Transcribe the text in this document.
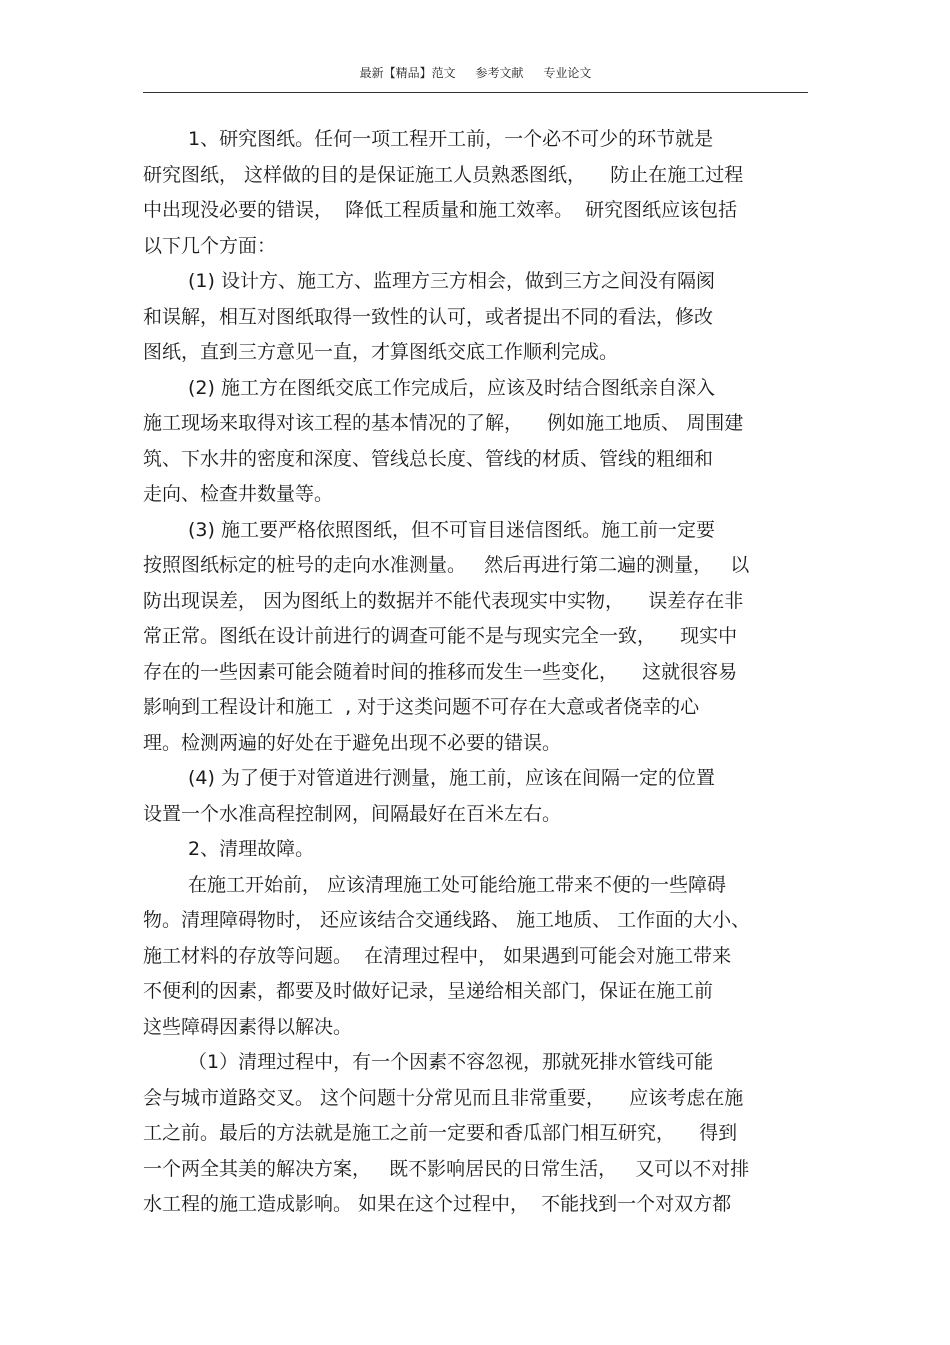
最新【精品】范文 参考文献 专业论文
1、研究图纸。任何一项工程开工前，一个必不可少的环节就是
研究图纸， 这样做的目的是保证施工人员熟悉图纸，    防止在施工过程
中出现没必要的错误，  降低工程质量和施工效率。  研究图纸应该包括
以下几个方面：
(1) 设计方、施工方、监理方三方相会，做到三方之间没有隔阂
和误解，相互对图纸取得一致性的认可，或者提出不同的看法，修改
图纸，直到三方意见一直，才算图纸交底工作顺利完成。
(2) 施工方在图纸交底工作完成后，应该及时结合图纸亲自深入
施工现场来取得对该工程的基本情况的了解，    例如施工地质、 周围建
筑、下水井的密度和深度、管线总长度、管线的材质、管线的粗细和
走向、检查井数量等。
(3) 施工要严格依照图纸，但不可盲目迷信图纸。施工前一定要
按照图纸标定的桩号的走向水准测量。   然后再进行第二遍的测量，   以
防出现误差， 因为图纸上的数据并不能代表现实中实物，    误差存在非
常正常。图纸在设计前进行的调查可能不是与现实完全一致，    现实中
存在的一些因素可能会随着时间的推移而发生一些变化，    这就很容易
影响到工程设计和施工  , 对于这类问题不可存在大意或者侥幸的心
理。检测两遍的好处在于避免出现不必要的错误。
(4) 为了便于对管道进行测量，施工前，应该在间隔一定的位置
设置一个水准高程控制网，间隔最好在百米左右。
2、清理故障。
在施工开始前， 应该清理施工处可能给施工带来不便的一些障碍
物。清理障碍物时， 还应该结合交通线路、 施工地质、 工作面的大小、
施工材料的存放等问题。  在清理过程中， 如果遇到可能会对施工带来
不便利的因素，都要及时做好记录，呈递给相关部门，保证在施工前
这些障碍因素得以解决。
（1）清理过程中，有一个因素不容忽视，那就死排水管线可能
会与城市道路交叉。 这个问题十分常见而且非常重要，    应该考虑在施
工之前。最后的方法就是施工之前一定要和香瓜部门相互研究，    得到
一个两全其美的解决方案，   既不影响居民的日常生活，   又可以不对排
水工程的施工造成影响。 如果在这个过程中，  不能找到一个对双方都
